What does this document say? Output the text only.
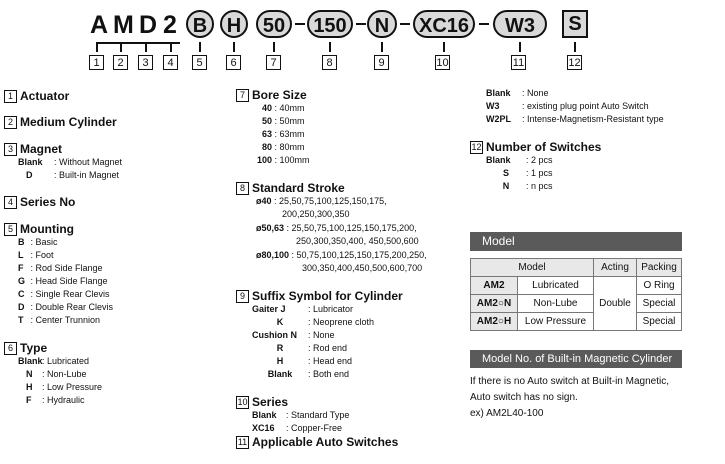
A M D 2 B H	50	150	N	XC16	W3	S
1	2	3	4	5	6	7	8	9	10	11	12
1 Actuator
2 Medium Cylinder
3 Magnet
Blank : Without Magnet
D : Built-in Magnet
4 Series No
5 Mounting
B : Basic
L : Foot
F : Rod Side Flange
G : Head Side Flange
C : Single Rear Clevis
D : Double Rear Clevis
T : Center Trunnion
6 Type
Blank: Lubricated
N : Non-Lube
H : Low Pressure
F : Hydraulic
7 Bore Size
40 : 40mm
50 : 50mm
63 : 63mm
80 : 80mm
100 : 100mm
8 Standard Stroke
ø40 : 25,50,75,100,125,150,175,
200,250,300,350
ø50,63 : 25,50,75,100,125,150,175,200,
250,300,350,400, 450,500,600
ø80,100 : 50,75,100,125,150,175,200,250,
300,350,400,450,500,600,700
9 Suffix Symbol for Cylinder
Gaiter J : Lubricator
K	: Neoprene cloth
Cushion N : None
R	: Rod end
H	: Head end
Blank : Both end
10 Series
Blank : Standard Type
XC16 : Copper-Free
11 Applicable Auto Switches
Blank : None
W3	: existing plug point Auto Switch
W2PL : Intense-Magnetism-Resistant type
12 Number of Switches
Blank : 2 pcs
S : 1 pcs
N : n pcs
Model
Model		Acting	Packing
AM2	Lubricated	Double	O Ring
AM2○N	Non-Lube		Special
AM2○H	Low Pressure		Special
Model No. of Built-in Magnetic Cylinder
If there is no Auto switch at Built-in Magnetic,
Auto switch has no sign.
ex) AM2L40-100
